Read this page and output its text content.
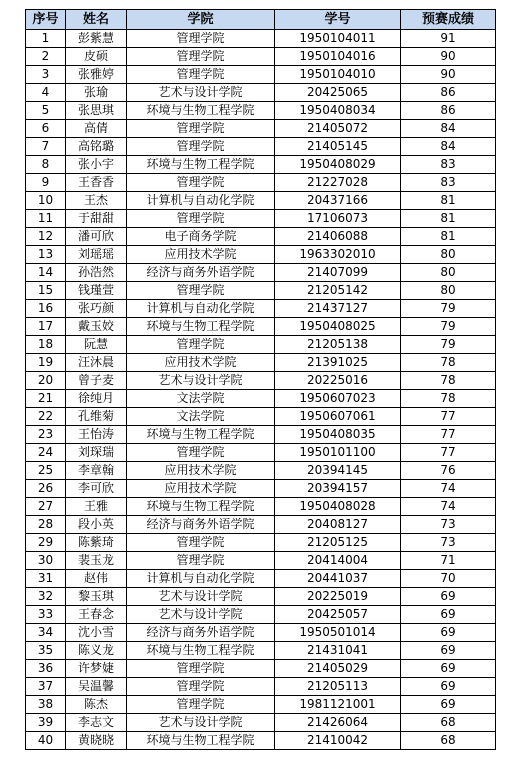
序号	姓名	学院	学号	预赛成绩
1	彭紫慧	管理学院	1950104011	91
2	皮硕	管理学院	1950104016	90
3	张雅婷	管理学院	1950104010	90
4	张瑜	艺术与设计学院	20425065	86
5	张思琪	环境与生物工程学院	1950408034	86
6	高倩	管理学院	21405072	84
7	高铭璐	管理学院	21405145	84
8	张小宇	环境与生物工程学院	1950408029	83
9	王香香	管理学院	21227028	83
10	王杰	计算机与自动化学院	20437166	81
11	于甜甜	管理学院	17106073	81
12	潘可欣	电子商务学院	21406088	81
13	刘瑶瑶	应用技术学院	1963302010	80
14	孙浩然	经济与商务外语学院	21407099	80
15	钱瑾萱	管理学院	21205142	80
16	张巧颜	计算机与自动化学院	21437127	79
17	戴玉姣	环境与生物工程学院	1950408025	79
18	阮慧	管理学院	21205138	79
19	汪沐晨	应用技术学院	21391025	78
20	曾子麦	艺术与设计学院	20225016	78
21	徐纯月	文法学院	1950607023	78
22	孔维菊	文法学院	1950607061	77
23	王怡涛	环境与生物工程学院	1950408035	77
24	刘琛瑞	管理学院	1950101100	77
25	李章翰	应用技术学院	20394145	76
26	李可欣	应用技术学院	20394157	74
27	王雅	环境与生物工程学院	1950408028	74
28	段小英	经济与商务外语学院	20408127	73
29	陈紫琦	管理学院	21205125	73
30	裴玉龙	管理学院	20414004	71
31	赵伟	计算机与自动化学院	20441037	70
32	黎玉琪	艺术与设计学院	20225019	69
33	王春念	艺术与设计学院	20425057	69
34	沈小雪	经济与商务外语学院	1950501014	69
35	陈义龙	环境与生物工程学院	21431041	69
36	许梦婕	管理学院	21405029	69
37	吴温馨	管理学院	21205113	69
38	陈杰	管理学院	1981121001	69
39	李志文	艺术与设计学院	21426064	68
40	黄晓晓	环境与生物工程学院	21410042	68
